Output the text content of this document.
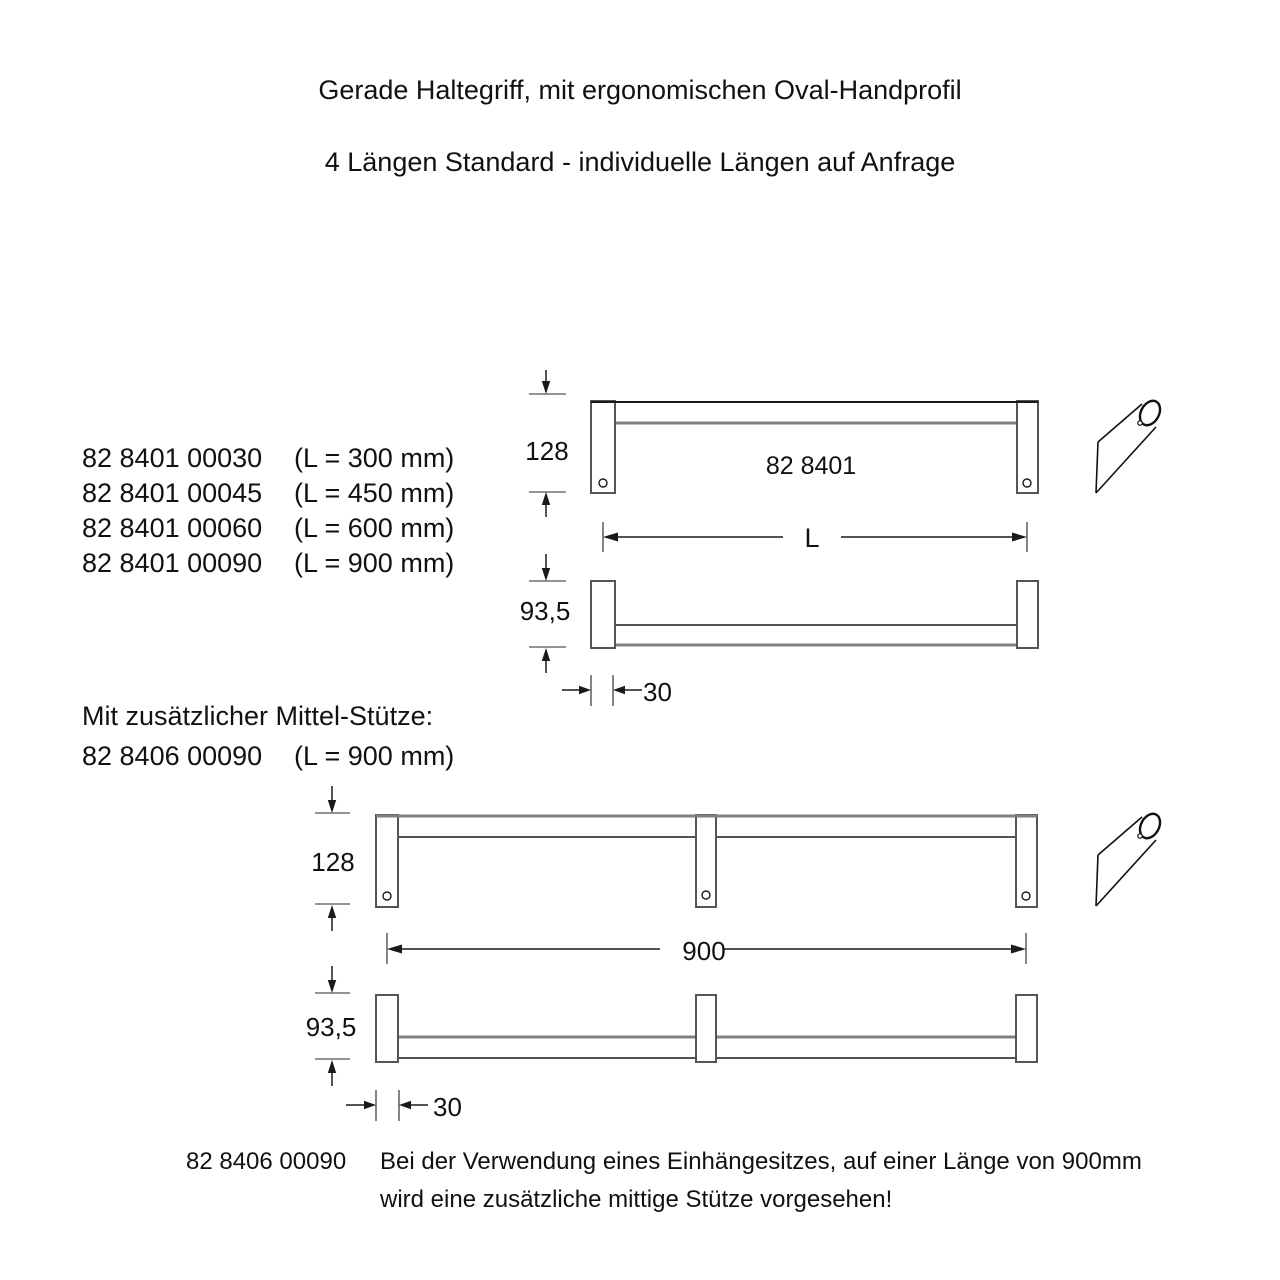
Gerade Haltegriff, mit ergonomischen Oval-Handprofil
4 Längen Standard - individuelle Längen auf Anfrage
82 8401 00030	(L = 300 mm)
82 8401 00045	(L = 450 mm)
82 8401 00060	(L = 600 mm)
82 8401 00090	(L = 900 mm)
Mit zusätzlicher Mittel-Stütze:
82 8406 00090	(L = 900 mm)
128	82 8401
L
93,5
30
128
900
93,5
30
82 8406 00090 Bei der Verwendung eines Einhängesitzes, auf einer Länge von 900mm
wird eine zusätzliche mittige Stütze vorgesehen!
